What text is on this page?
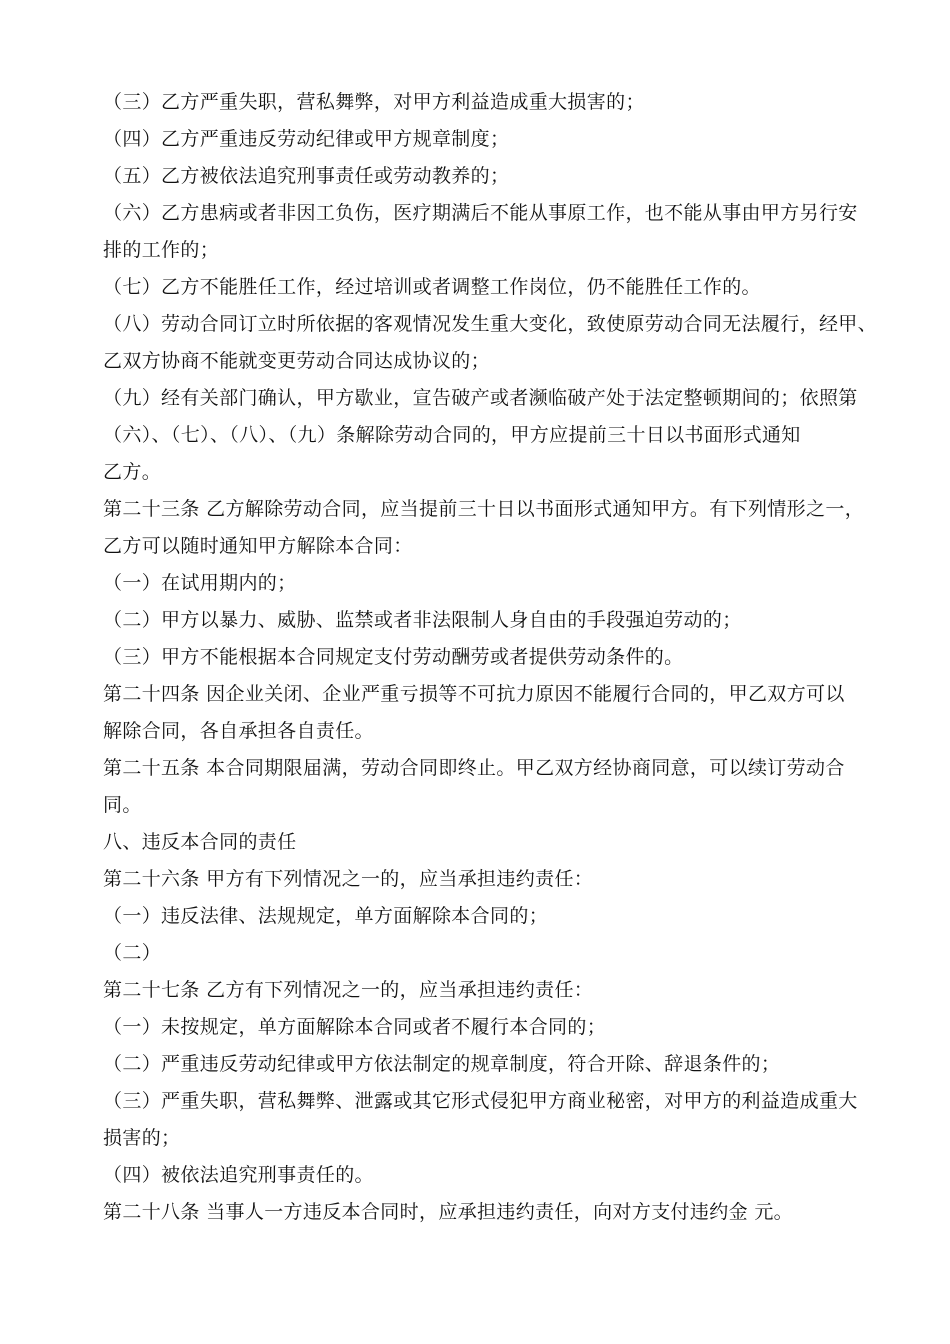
（三）乙方严重失职，营私舞弊，对甲方利益造成重大损害的；
（四）乙方严重违反劳动纪律或甲方规章制度；
（五）乙方被依法追究刑事责任或劳动教养的；
（六）乙方患病或者非因工负伤，医疗期满后不能从事原工作，也不能从事由甲方另行安
排的工作的；
（七）乙方不能胜任工作，经过培训或者调整工作岗位，仍不能胜任工作的。
（八）劳动合同订立时所依据的客观情况发生重大变化，致使原劳动合同无法履行，经甲、
乙双方协商不能就变更劳动合同达成协议的；
（九）经有关部门确认，甲方歇业，宣告破产或者濒临破产处于法定整顿期间的；依照第
（六）、（七）、（八）、（九）条解除劳动合同的，甲方应提前三十日以书面形式通知
乙方。
第二十三条 乙方解除劳动合同，应当提前三十日以书面形式通知甲方。有下列情形之一，
乙方可以随时通知甲方解除本合同：
（一）在试用期内的；
（二）甲方以暴力、威胁、监禁或者非法限制人身自由的手段强迫劳动的；
（三）甲方不能根据本合同规定支付劳动酬劳或者提供劳动条件的。
第二十四条 因企业关闭、企业严重亏损等不可抗力原因不能履行合同的，甲乙双方可以
解除合同，各自承担各自责任。
第二十五条 本合同期限届满，劳动合同即终止。甲乙双方经协商同意，可以续订劳动合
同。
八、违反本合同的责任
第二十六条 甲方有下列情况之一的，应当承担违约责任：
（一）违反法律、法规规定，单方面解除本合同的；
（二）
第二十七条 乙方有下列情况之一的，应当承担违约责任：
（一）未按规定，单方面解除本合同或者不履行本合同的；
（二）严重违反劳动纪律或甲方依法制定的规章制度，符合开除、辞退条件的；
（三）严重失职，营私舞弊、泄露或其它形式侵犯甲方商业秘密，对甲方的利益造成重大
损害的；
（四）被依法追究刑事责任的。
第二十八条 当事人一方违反本合同时，应承担违约责任，向对方支付违约金 元。
